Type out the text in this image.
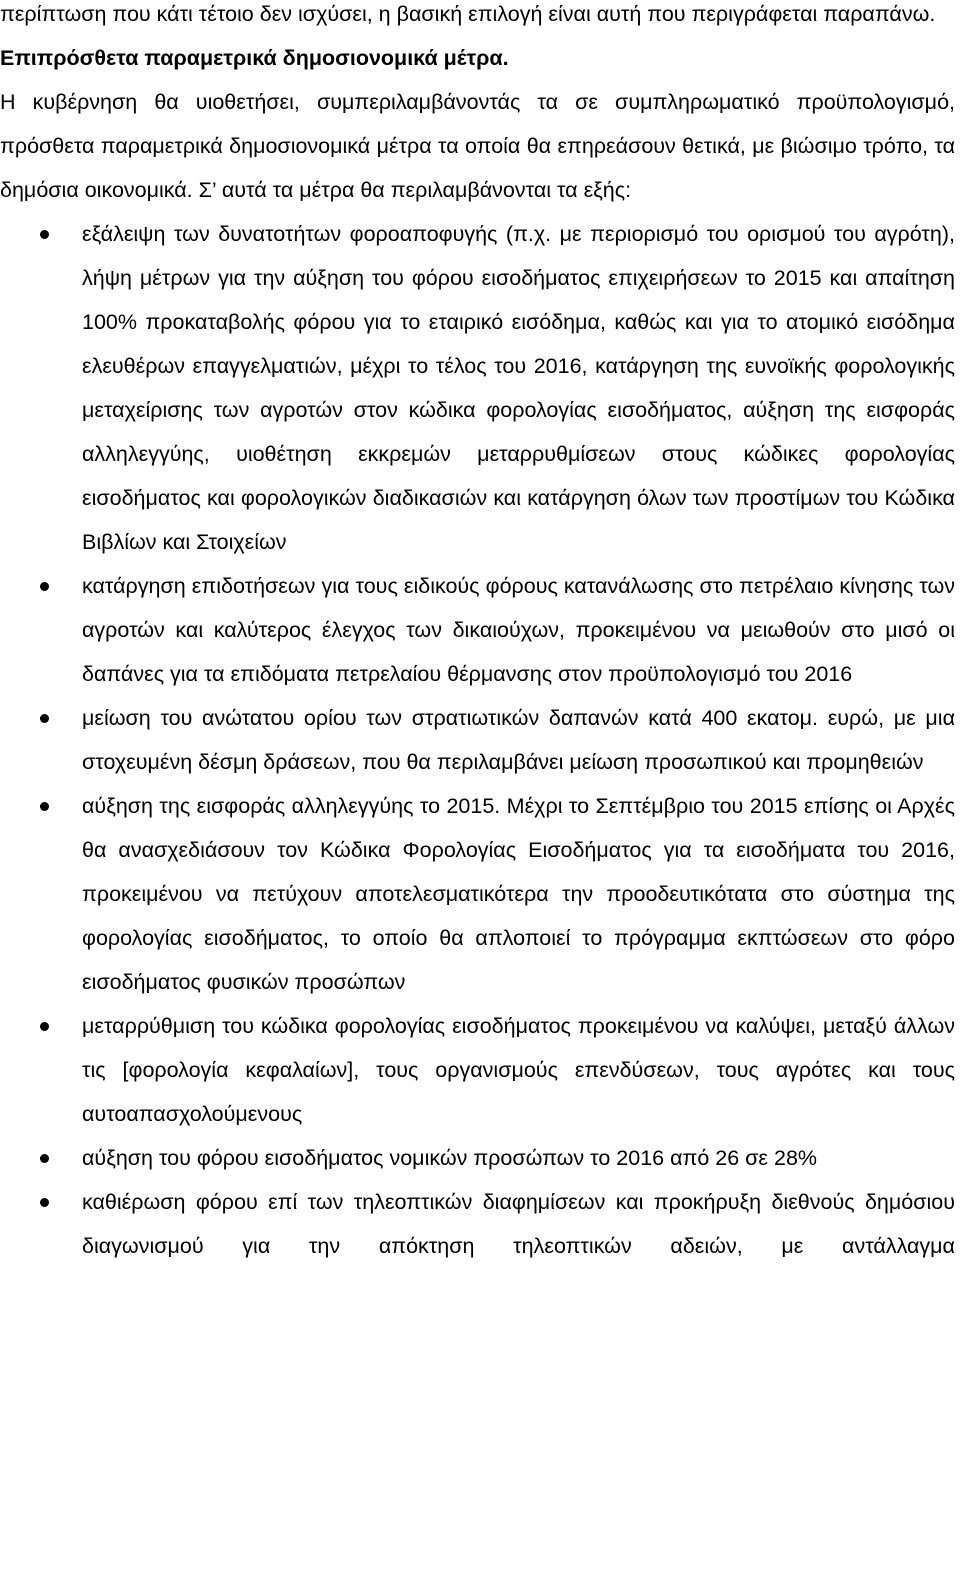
περίπτωση που κάτι τέτοιο δεν ισχύσει, η βασική επιλογή είναι αυτή που περιγράφεται παραπάνω.

Επιπρόσθετα παραμετρικά δημοσιονομικά μέτρα.

Η κυβέρνηση θα υιοθετήσει, συμπεριλαμβάνοντάς τα σε συμπληρωματικό προϋπολογισμό, πρόσθετα παραμετρικά δημοσιονομικά μέτρα τα οποία θα επηρεάσουν θετικά, με βιώσιμο τρόπο, τα δημόσια οικονομικά. Σ’ αυτά τα μέτρα θα περιλαμβάνονται τα εξής:

εξάλειψη των δυνατοτήτων φοροαποφυγής (π.χ. με περιορισμό του ορισμού του αγρότη), λήψη μέτρων για την αύξηση του φόρου εισοδήματος επιχειρήσεων το 2015 και απαίτηση 100% προκαταβολής φόρου για το εταιρικό εισόδημα, καθώς και για το ατομικό εισόδημα ελευθέρων επαγγελματιών, μέχρι το τέλος του 2016, κατάργηση της ευνοϊκής φορολογικής μεταχείρισης των αγροτών στον κώδικα φορολογίας εισοδήματος, αύξηση της εισφοράς αλληλεγγύης, υιοθέτηση εκκρεμών μεταρρυθμίσεων στους κώδικες φορολογίας εισοδήματος και φορολογικών διαδικασιών και κατάργηση όλων των προστίμων του Κώδικα Βιβλίων και Στοιχείων
κατάργηση επιδοτήσεων για τους ειδικούς φόρους κατανάλωσης στο πετρέλαιο κίνησης των αγροτών και καλύτερος έλεγχος των δικαιούχων, προκειμένου να μειωθούν στο μισό οι δαπάνες για τα επιδόματα πετρελαίου θέρμανσης στον προϋπολογισμό του 2016
μείωση του ανώτατου ορίου των στρατιωτικών δαπανών κατά 400 εκατομ. ευρώ, με μια στοχευμένη δέσμη δράσεων, που θα περιλαμβάνει μείωση προσωπικού και προμηθειών
αύξηση της εισφοράς αλληλεγγύης το 2015. Μέχρι το Σεπτέμβριο του 2015 επίσης οι Αρχές θα ανασχεδιάσουν τον Κώδικα Φορολογίας Εισοδήματος για τα εισοδήματα του 2016, προκειμένου να πετύχουν αποτελεσματικότερα την προοδευτικότατα στο σύστημα της φορολογίας εισοδήματος, το οποίο θα απλοποιεί το πρόγραμμα εκπτώσεων στο φόρο εισοδήματος φυσικών προσώπων
μεταρρύθμιση του κώδικα φορολογίας εισοδήματος προκειμένου να καλύψει, μεταξύ άλλων τις [φορολογία κεφαλαίων], τους οργανισμούς επενδύσεων, τους αγρότες και τους αυτοαπασχολούμενους
αύξηση του φόρου εισοδήματος νομικών προσώπων το 2016 από 26 σε 28%
καθιέρωση φόρου επί των τηλεοπτικών διαφημίσεων και προκήρυξη διεθνούς δημόσιου διαγωνισμού για την απόκτηση τηλεοπτικών αδειών, με αντάλλαγμα
